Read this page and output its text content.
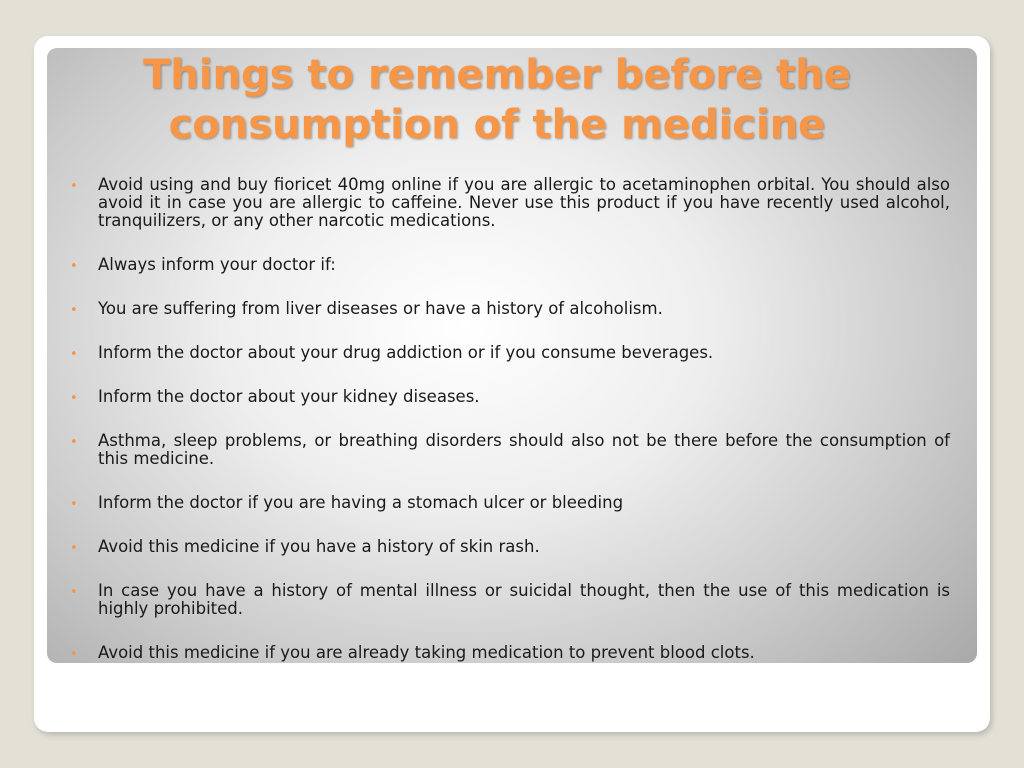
Things to remember before the consumption of the medicine
• Avoid using and buy fioricet 40mg online if you are allergic to acetaminophen orbital. You should also avoid it in case you are allergic to caffeine. Never use this product if you have recently used alcohol, tranquilizers, or any other narcotic medications.
• Always inform your doctor if:
• You are suffering from liver diseases or have a history of alcoholism.
• Inform the doctor about your drug addiction or if you consume beverages.
• Inform the doctor about your kidney diseases.
• Asthma, sleep problems, or breathing disorders should also not be there before the consumption of this medicine.
• Inform the doctor if you are having a stomach ulcer or bleeding
• Avoid this medicine if you have a history of skin rash.
• In case you have a history of mental illness or suicidal thought, then the use of this medication is highly prohibited.
• Avoid this medicine if you are already taking medication to prevent blood clots.
